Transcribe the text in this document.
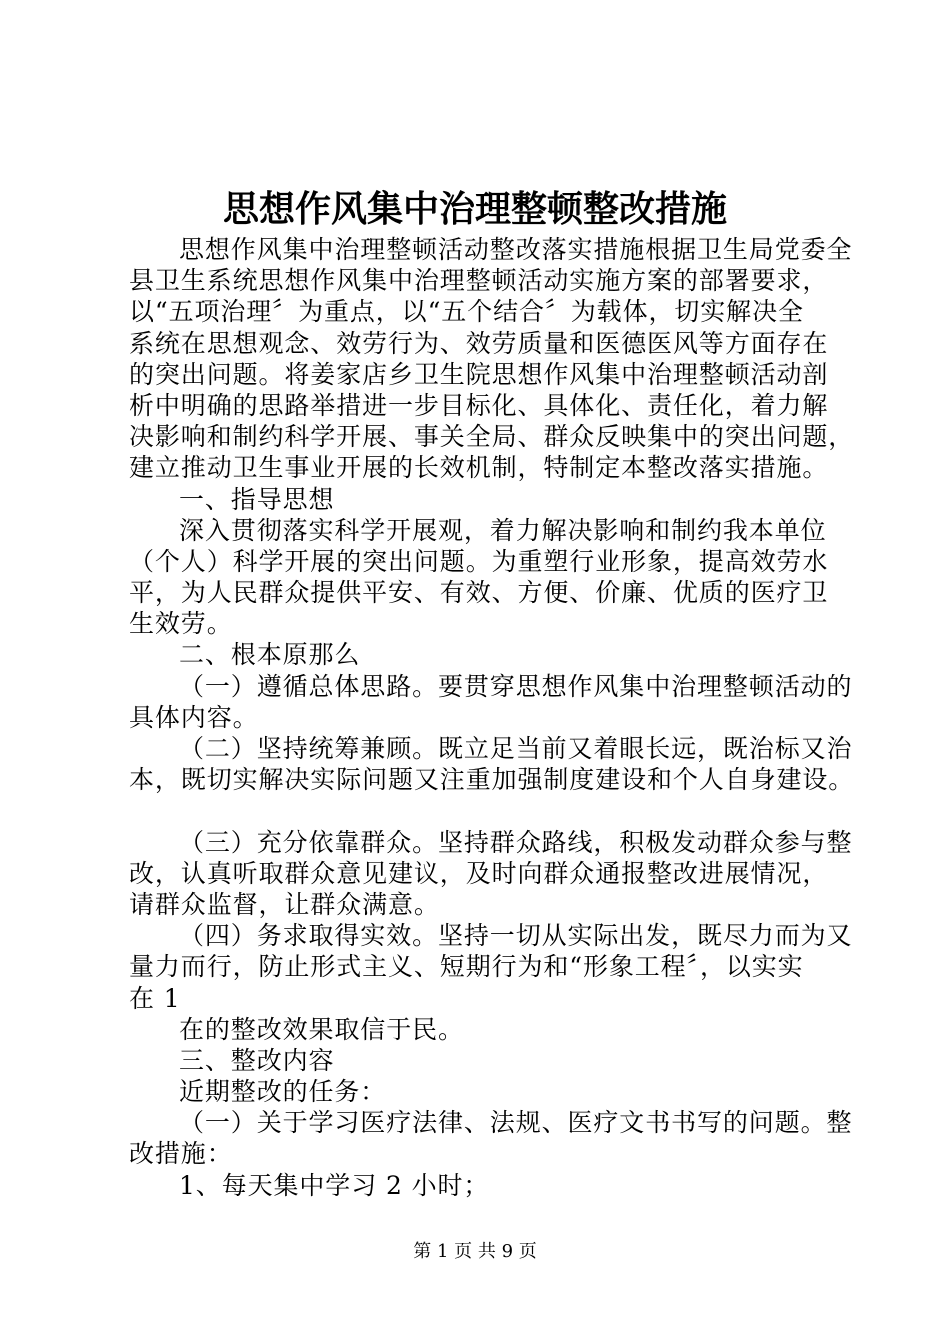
思想作风集中治理整顿整改措施
思想作风集中治理整顿活动整改落实措施根据卫生局党委全
县卫生系统思想作风集中治理整顿活动实施方案的部署要求，
以“五项治理〞为重点，以“五个结合〞为载体，切实解决全
系统在思想观念、效劳行为、效劳质量和医德医风等方面存在
的突出问题。将姜家店乡卫生院思想作风集中治理整顿活动剖
析中明确的思路举措进一步目标化、具体化、责任化，着力解
决影响和制约科学开展、事关全局、群众反映集中的突出问题，
建立推动卫生事业开展的长效机制，特制定本整改落实措施。
一、指导思想
深入贯彻落实科学开展观，着力解决影响和制约我本单位
（个人）科学开展的突出问题。为重塑行业形象，提高效劳水
平，为人民群众提供平安、有效、方便、价廉、优质的医疗卫
生效劳。
二、根本原那么
（一）遵循总体思路。要贯穿思想作风集中治理整顿活动的
具体内容。
（二）坚持统筹兼顾。既立足当前又着眼长远，既治标又治
本，既切实解决实际问题又注重加强制度建设和个人自身建设。
（三）充分依靠群众。坚持群众路线，积极发动群众参与整
改，认真听取群众意见建议，及时向群众通报整改进展情况，
请群众监督，让群众满意。
（四）务求取得实效。坚持一切从实际出发，既尽力而为又
量力而行，防止形式主义、短期行为和“形象工程〞，以实实
在 1
在的整改效果取信于民。
三、整改内容
近期整改的任务：
（一）关于学习医疗法律、法规、医疗文书书写的问题。整
改措施：
1、每天集中学习 2 小时；
第 1 页 共 9 页
